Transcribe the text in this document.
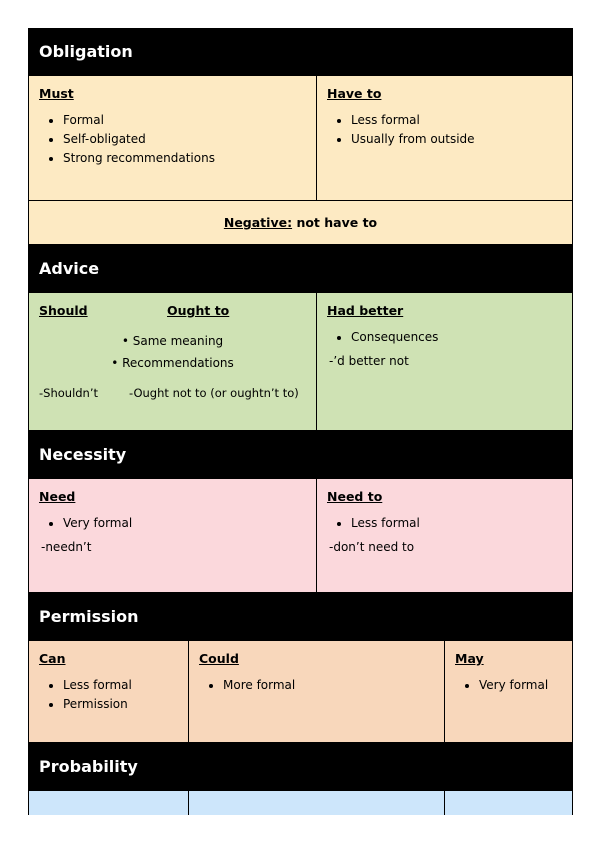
Obligation
Must
• Formal
• Self-obligated
• Strong recommendations
Have to
• Less formal
• Usually from outside
Negative: not have to
Advice
Should	Ought to
• Same meaning
• Recommendations
-Shouldn’t	-Ought not to (or oughtn’t to)
Had better
• Consequences
-’d better not
Necessity
Need
• Very formal
-needn’t
Need to
• Less formal
-don’t need to
Permission
Can
• Less formal
• Permission
Could
• More formal
May
• Very formal
Probability
